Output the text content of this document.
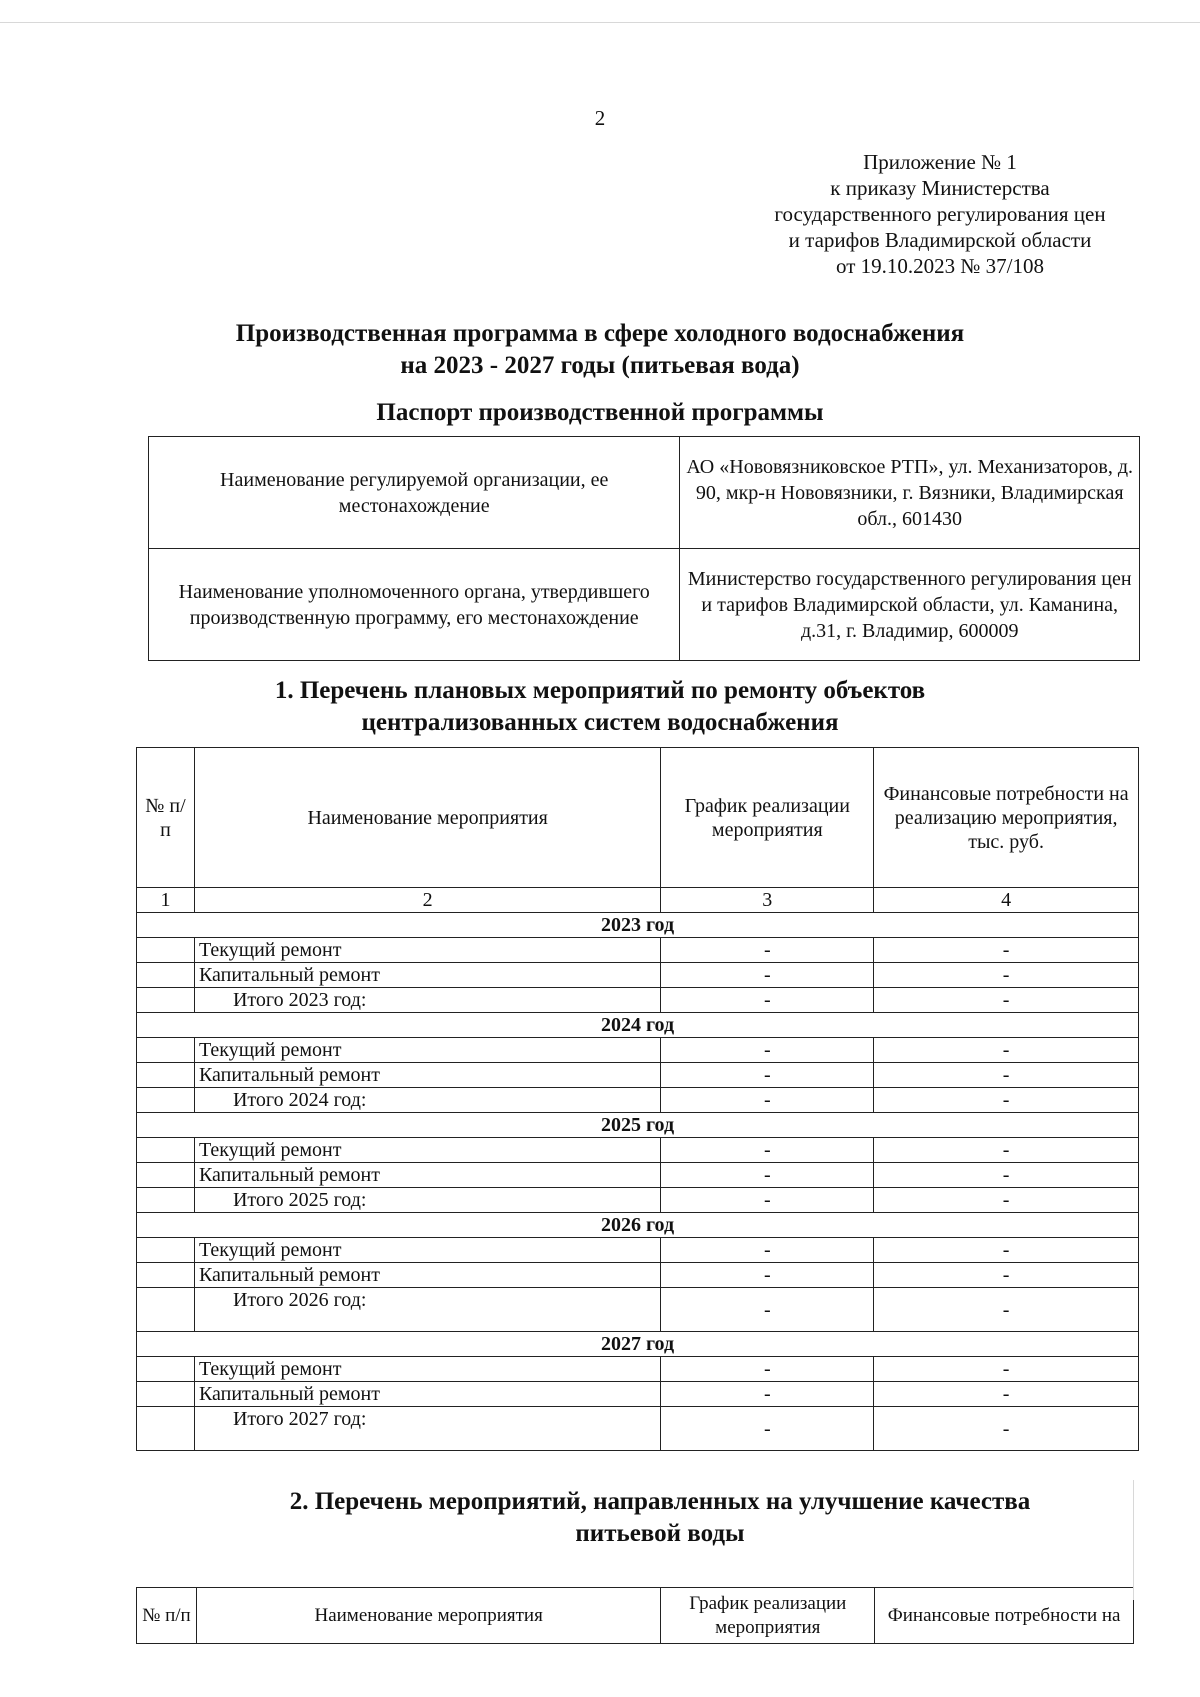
2
Приложение № 1
к приказу Министерства
государственного регулирования цен
и тарифов Владимирской области
от 19.10.2023 № 37/108
Производственная программа в сфере холодного водоснабжения
на 2023 - 2027 годы (питьевая вода)
Паспорт производственной программы
Наименование регулируемой организации, ее местонахождение	АО «Нововязниковское РТП», ул. Механизаторов, д. 90, мкр-н Нововязники, г. Вязники, Владимирская обл., 601430
Наименование уполномоченного органа, утвердившего производственную программу, его местонахождение	Министерство государственного регулирования цен и тарифов Владимирской области, ул. Каманина, д.31, г. Владимир, 600009
1. Перечень плановых мероприятий по ремонту объектов
централизованных систем водоснабжения
№ п/п	Наименование мероприятия	График реализации мероприятия	Финансовые потребности на реализацию мероприятия, тыс. руб.
1	2	3	4
2023 год			
	Текущий ремонт	-	-
	Капитальный ремонт	-	-
	Итого 2023 год:	-	-
2024 год			
	Текущий ремонт	-	-
	Капитальный ремонт	-	-
	Итого 2024 год:	-	-
2025 год			
	Текущий ремонт	-	-
	Капитальный ремонт	-	-
	Итого 2025 год:	-	-
2026 год			
	Текущий ремонт	-	-
	Капитальный ремонт	-	-
	Итого 2026 год:	-	-
2027 год			
	Текущий ремонт	-	-
	Капитальный ремонт	-	-
	Итого 2027 год:	-	-
2. Перечень мероприятий, направленных на улучшение качества
питьевой воды
№ п/п	Наименование мероприятия	График реализации мероприятия	Финансовые потребности на
